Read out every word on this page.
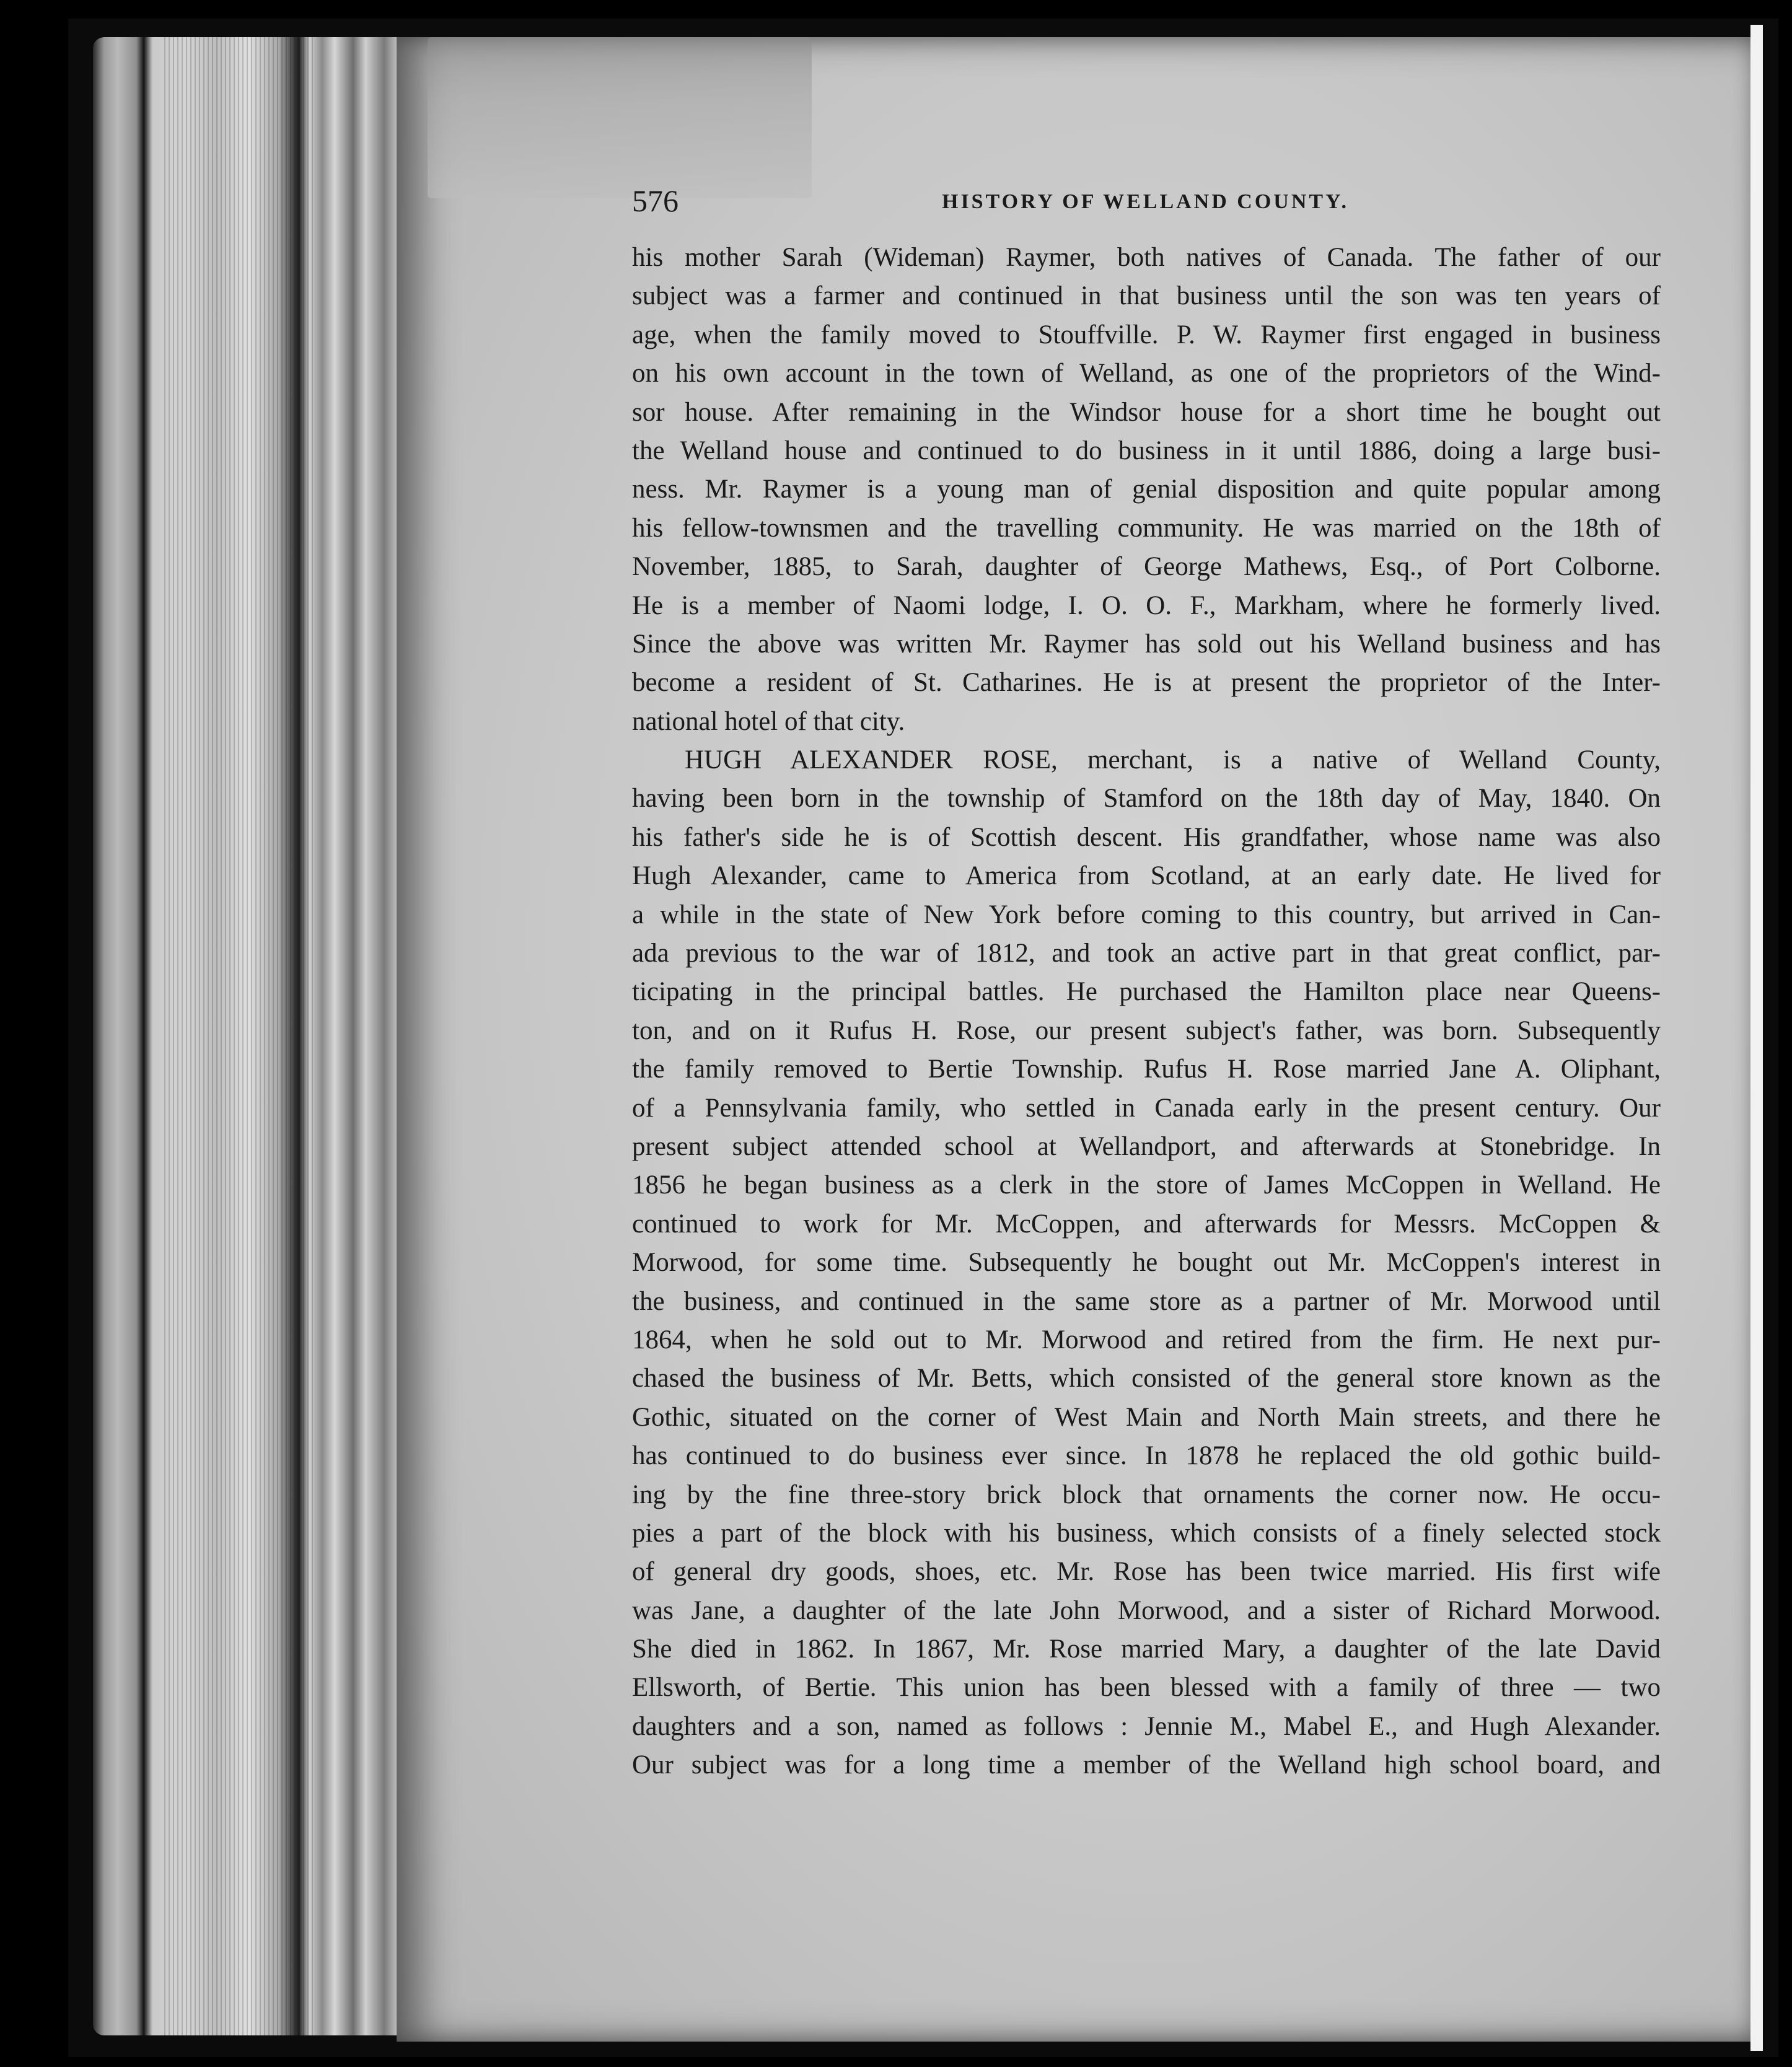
576	HISTORY OF WELLAND COUNTY.
his mother Sarah (Wideman) Raymer, both natives of Canada. The father of our
subject was a farmer and continued in that business until the son was ten years of
age, when the family moved to Stouffville. P. W. Raymer first engaged in business
on his own account in the town of Welland, as one of the proprietors of the Wind-
sor house. After remaining in the Windsor house for a short time he bought out
the Welland house and continued to do business in it until 1886, doing a large busi-
ness. Mr. Raymer is a young man of genial disposition and quite popular among
his fellow-townsmen and the travelling community. He was married on the 18th of
November, 1885, to Sarah, daughter of George Mathews, Esq., of Port Colborne.
He is a member of Naomi lodge, I. O. O. F., Markham, where he formerly lived.
Since the above was written Mr. Raymer has sold out his Welland business and has
become a resident of St. Catharines. He is at present the proprietor of the Inter-
national hotel of that city.
HUGH ALEXANDER ROSE, merchant, is a native of Welland County,
having been born in the township of Stamford on the 18th day of May, 1840. On
his father's side he is of Scottish descent. His grandfather, whose name was also
Hugh Alexander, came to America from Scotland, at an early date. He lived for
a while in the state of New York before coming to this country, but arrived in Can-
ada previous to the war of 1812, and took an active part in that great conflict, par-
ticipating in the principal battles. He purchased the Hamilton place near Queens-
ton, and on it Rufus H. Rose, our present subject's father, was born. Subsequently
the family removed to Bertie Township. Rufus H. Rose married Jane A. Oliphant,
of a Pennsylvania family, who settled in Canada early in the present century. Our
present subject attended school at Wellandport, and afterwards at Stonebridge. In
1856 he began business as a clerk in the store of James McCoppen in Welland. He
continued to work for Mr. McCoppen, and afterwards for Messrs. McCoppen &
Morwood, for some time. Subsequently he bought out Mr. McCoppen's interest in
the business, and continued in the same store as a partner of Mr. Morwood until
1864, when he sold out to Mr. Morwood and retired from the firm. He next pur-
chased the business of Mr. Betts, which consisted of the general store known as the
Gothic, situated on the corner of West Main and North Main streets, and there he
has continued to do business ever since. In 1878 he replaced the old gothic build-
ing by the fine three-story brick block that ornaments the corner now. He occu-
pies a part of the block with his business, which consists of a finely selected stock
of general dry goods, shoes, etc. Mr. Rose has been twice married. His first wife
was Jane, a daughter of the late John Morwood, and a sister of Richard Morwood.
She died in 1862. In 1867, Mr. Rose married Mary, a daughter of the late David
Ellsworth, of Bertie. This union has been blessed with a family of three — two
daughters and a son, named as follows : Jennie M., Mabel E., and Hugh Alexander.
Our subject was for a long time a member of the Welland high school board, and
